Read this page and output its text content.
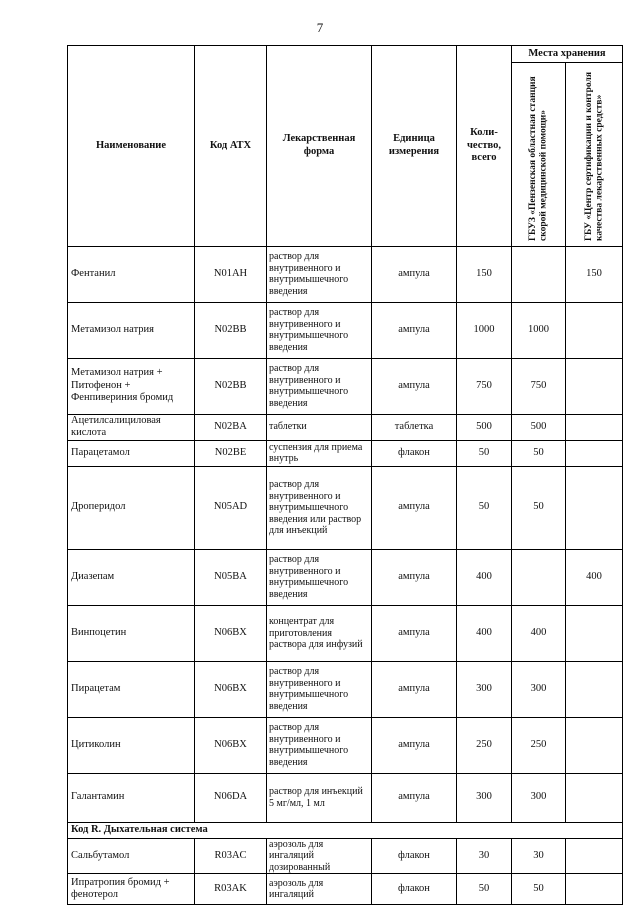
7
Наименование	Код АТХ	Лекарственная форма	Единица измерения	Коли-чество, всего	Места хранения	
					ГБУЗ «Пензенская областная станция скорой медицинской помощи»	ГБУ «Центр сертификации и контроля качества лекарственных средств»
Фентанил	N01AH	раствор для внутривенного и внутримышечного введения	ампула	150		150
Метамизол натрия	N02BB	раствор для внутривенного и внутримышечного введения	ампула	1000	1000	
Метамизол натрия + Питофенон + Фенпивериния бромид	N02BB	раствор для внутривенного и внутримышечного введения	ампула	750	750	
Ацетилсалициловая кислота	N02BA	таблетки	таблетка	500	500	
Парацетамол	N02BE	суспензия для приема внутрь	флакон	50	50	
Дроперидол	N05AD	раствор для внутривенного и внутримышечного введения или раствор для инъекций	ампула	50	50	
Диазепам	N05BA	раствор для внутривенного и внутримышечного введения	ампула	400		400
Винпоцетин	N06BX	концентрат для приготовления раствора для инфузий	ампула	400	400	
Пирацетам	N06BX	раствор для внутривенного и внутримышечного введения	ампула	300	300	
Цитиколин	N06BX	раствор для внутривенного и внутримышечного введения	ампула	250	250	
Галантамин	N06DA	раствор для инъекций 5 мг/мл, 1 мл	ампула	300	300	
Код R. Дыхательная система						
Сальбутамол	R03AC	аэрозоль для ингаляций дозированный	флакон	30	30	
Ипратропия бромид + фенотерол	R03AK	аэрозоль для ингаляций	флакон	50	50	
